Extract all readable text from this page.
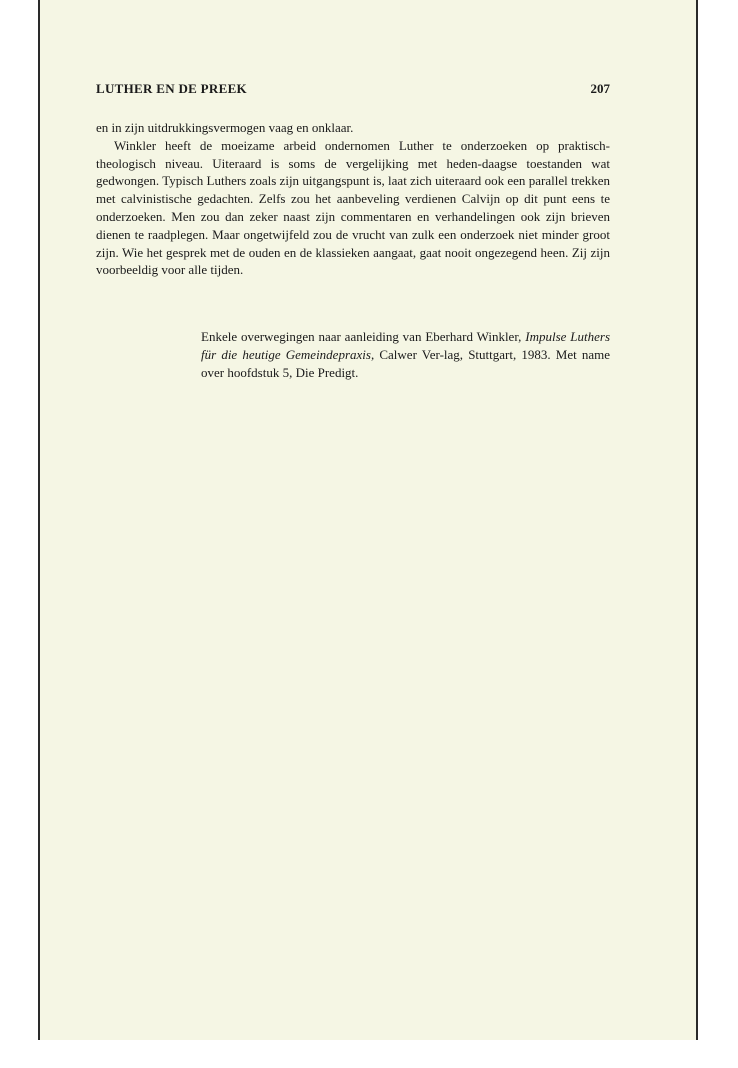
LUTHER EN DE PREEK	207

en in zijn uitdrukkingsvermogen vaag en onklaar.

Winkler heeft de moeizame arbeid ondernomen Luther te onderzoeken op praktisch-theologisch niveau. Uiteraard is soms de vergelijking met heden-daagse toestanden wat gedwongen. Typisch Luthers zoals zijn uitgangspunt is, laat zich uiteraard ook een parallel trekken met calvinistische gedachten. Zelfs zou het aanbeveling verdienen Calvijn op dit punt eens te onderzoeken. Men zou dan zeker naast zijn commentaren en verhandelingen ook zijn brieven dienen te raadplegen. Maar ongetwijfeld zou de vrucht van zulk een onderzoek niet minder groot zijn. Wie het gesprek met de ouden en de klassieken aangaat, gaat nooit ongezegend heen. Zij zijn voorbeeldig voor alle tijden.

Enkele overwegingen naar aanleiding van Eberhard Winkler, Impulse Luthers für die heutige Gemeindepraxis, Calwer Ver-lag, Stuttgart, 1983. Met name over hoofdstuk 5, Die Predigt.
